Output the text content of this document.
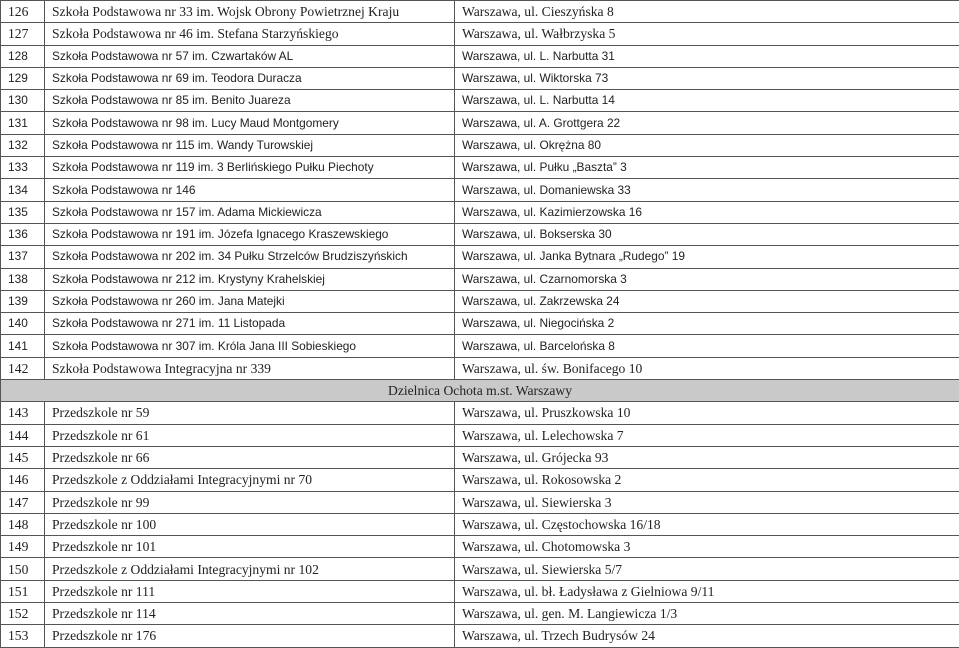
126	Szkoła Podstawowa nr 33 im. Wojsk Obrony Powietrznej Kraju	Warszawa, ul. Cieszyńska 8
127	Szkoła Podstawowa nr 46 im. Stefana Starzyńskiego	Warszawa, ul. Wałbrzyska 5
128	Szkoła Podstawowa nr 57 im. Czwartaków AL	Warszawa, ul. L. Narbutta 31
129	Szkoła Podstawowa nr 69 im. Teodora Duracza	Warszawa, ul. Wiktorska 73
130	Szkoła Podstawowa nr 85 im. Benito Juareza	Warszawa, ul. L. Narbutta 14
131	Szkoła Podstawowa nr 98 im. Lucy Maud Montgomery	Warszawa, ul. A. Grottgera 22
132	Szkoła Podstawowa nr 115 im. Wandy Turowskiej	Warszawa, ul. Okrężna 80
133	Szkoła Podstawowa nr 119 im. 3 Berlińskiego Pułku Piechoty	Warszawa, ul. Pułku „Baszta” 3
134	Szkoła Podstawowa nr 146	Warszawa, ul. Domaniewska 33
135	Szkoła Podstawowa nr 157 im. Adama Mickiewicza	Warszawa, ul. Kazimierzowska 16
136	Szkoła Podstawowa nr 191 im. Józefa Ignacego Kraszewskiego	Warszawa, ul. Bokserska 30
137	Szkoła Podstawowa nr 202 im. 34 Pułku Strzelców Brudziszyńskich	Warszawa, ul. Janka Bytnara „Rudego” 19
138	Szkoła Podstawowa nr 212 im. Krystyny Krahelskiej	Warszawa, ul. Czarnomorska 3
139	Szkoła Podstawowa nr 260 im. Jana Matejki	Warszawa, ul. Zakrzewska 24
140	Szkoła Podstawowa nr 271 im. 11 Listopada	Warszawa, ul. Niegocińska 2
141	Szkoła Podstawowa nr 307 im. Króla Jana III Sobieskiego	Warszawa, ul. Barcelońska 8
142	Szkoła Podstawowa Integracyjna nr 339	Warszawa, ul. św. Bonifacego 10
Dzielnica Ochota m.st. Warszawy		
143	Przedszkole nr 59	Warszawa, ul. Pruszkowska 10
144	Przedszkole nr 61	Warszawa, ul. Lelechowska 7
145	Przedszkole nr 66	Warszawa, ul. Grójecka 93
146	Przedszkole z Oddziałami Integracyjnymi nr 70	Warszawa, ul. Rokosowska 2
147	Przedszkole nr 99	Warszawa, ul. Siewierska 3
148	Przedszkole nr 100	Warszawa, ul. Częstochowska 16/18
149	Przedszkole nr 101	Warszawa, ul. Chotomowska 3
150	Przedszkole z Oddziałami Integracyjnymi nr 102	Warszawa, ul. Siewierska 5/7
151	Przedszkole nr 111	Warszawa, ul. bł. Ładysława z Gielniowa 9/11
152	Przedszkole nr 114	Warszawa, ul. gen. M. Langiewicza 1/3
153	Przedszkole nr 176	Warszawa, ul. Trzech Budrysów 24
